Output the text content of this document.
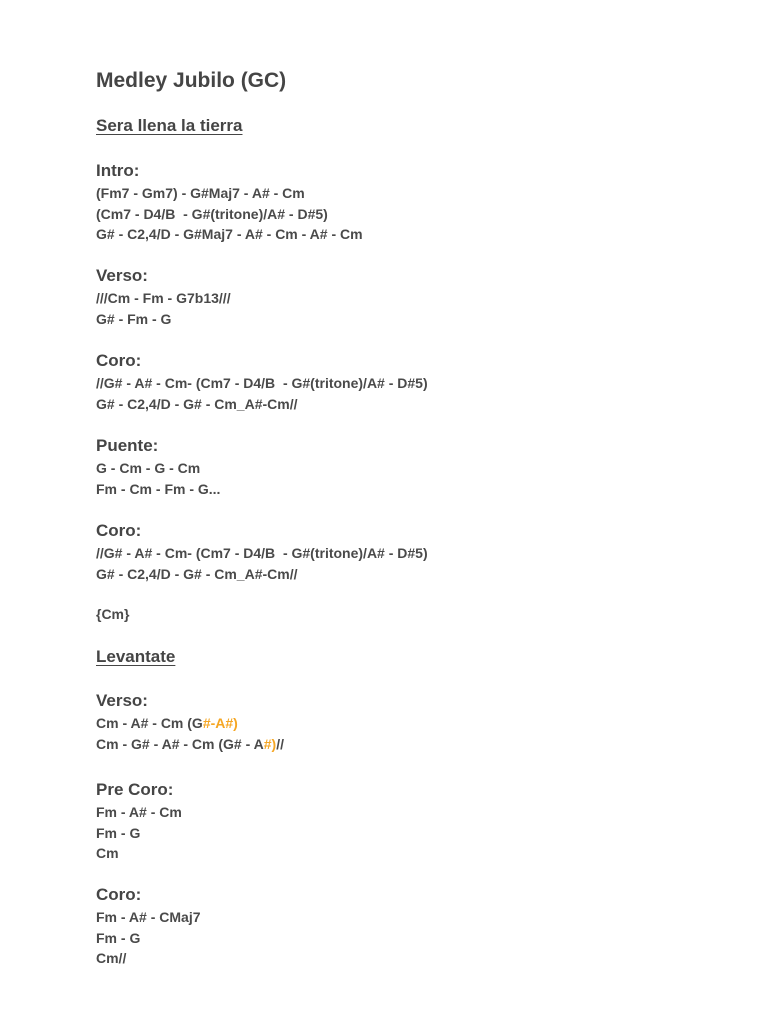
Medley Jubilo (GC)
Sera llena la tierra
Intro:
(Fm7 - Gm7) - G#Maj7 - A# - Cm
(Cm7 - D4/B  - G#(tritone)/A# - D#5)
G# - C2,4/D - G#Maj7 - A# - Cm - A# - Cm
Verso:
///Cm - Fm - G7b13///
G# - Fm - G
Coro:
//G# - A# - Cm- (Cm7 - D4/B  - G#(tritone)/A# - D#5)
G# - C2,4/D - G# - Cm_A#-Cm//
Puente:
G - Cm - G - Cm
Fm - Cm - Fm - G...
Coro:
//G# - A# - Cm- (Cm7 - D4/B  - G#(tritone)/A# - D#5)
G# - C2,4/D - G# - Cm_A#-Cm//
{Cm}
Levantate
Verso:
Cm - A# - Cm (G#-A#)
Cm - G# - A# - Cm (G# - A#)//
Pre Coro:
Fm - A# - Cm
Fm - G
Cm
Coro:
Fm - A# - CMaj7
Fm - G
Cm//
